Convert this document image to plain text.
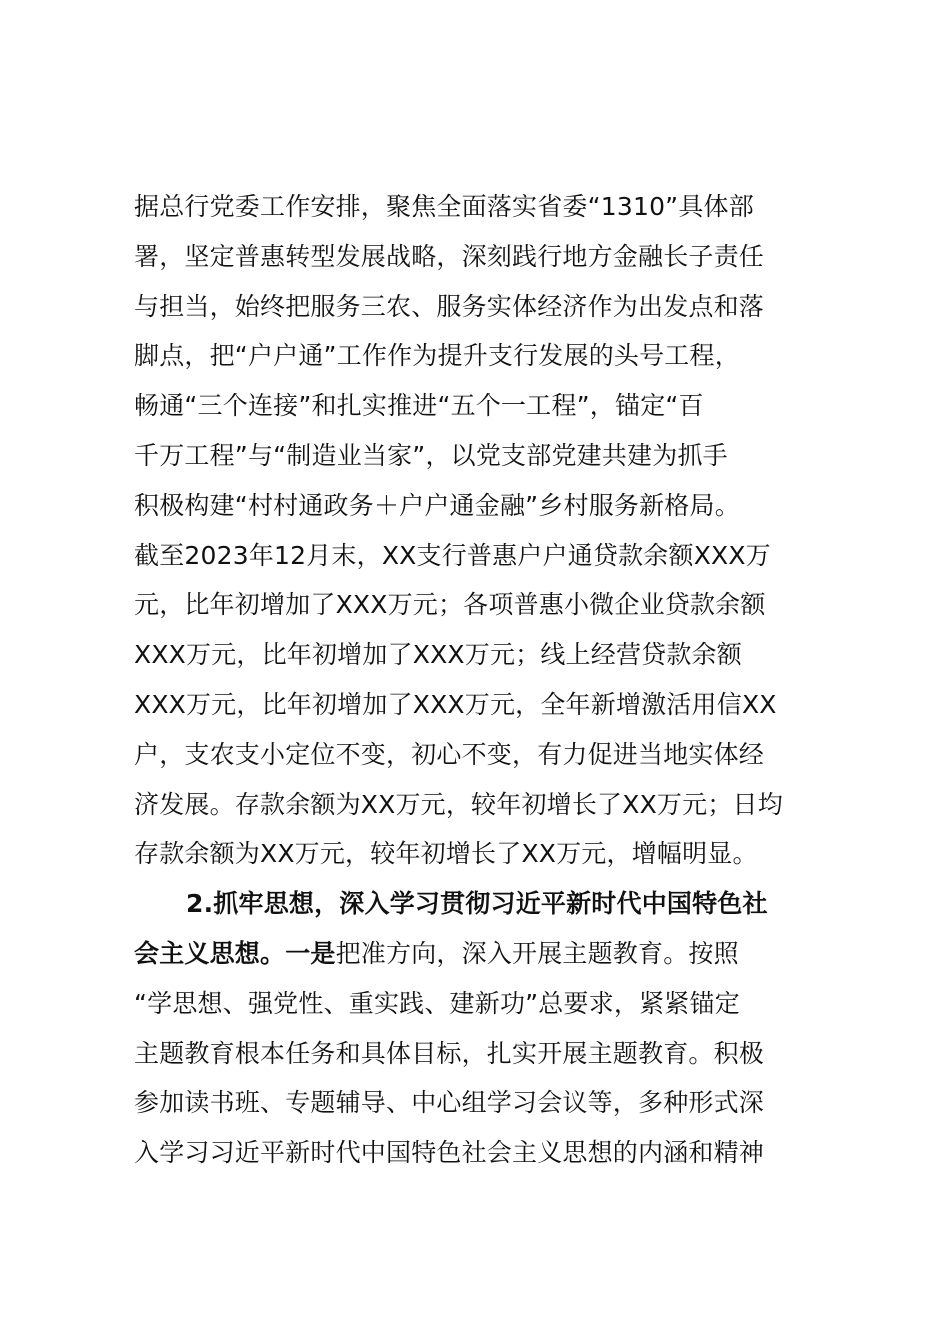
据总行党委工作安排，聚焦全面落实省委“1310”具体部
署，坚定普惠转型发展战略，深刻践行地方金融长子责任
与担当，始终把服务三农、服务实体经济作为出发点和落
脚点，把“户户通”工作作为提升支行发展的头号工程，
畅通“三个连接”和扎实推进“五个一工程”，锚定“百
千万工程”与“制造业当家”，以党支部党建共建为抓手
积极构建“村村通政务＋户户通金融”乡村服务新格局。
截至2023年12月末，XX支行普惠户户通贷款余额XXX万
元，比年初增加了XXX万元；各项普惠小微企业贷款余额
XXX万元，比年初增加了XXX万元；线上经营贷款余额
XXX万元，比年初增加了XXX万元，全年新增激活用信XX
户，支农支小定位不变，初心不变，有力促进当地实体经
济发展。存款余额为XX万元，较年初增长了XX万元；日均
存款余额为XX万元，较年初增长了XX万元，增幅明显。
2.抓牢思想，深入学习贯彻习近平新时代中国特色社
会主义思想。一是把准方向，深入开展主题教育。按照
“学思想、强党性、重实践、建新功”总要求，紧紧锚定
主题教育根本任务和具体目标，扎实开展主题教育。积极
参加读书班、专题辅导、中心组学习会议等，多种形式深
入学习习近平新时代中国特色社会主义思想的内涵和精神
